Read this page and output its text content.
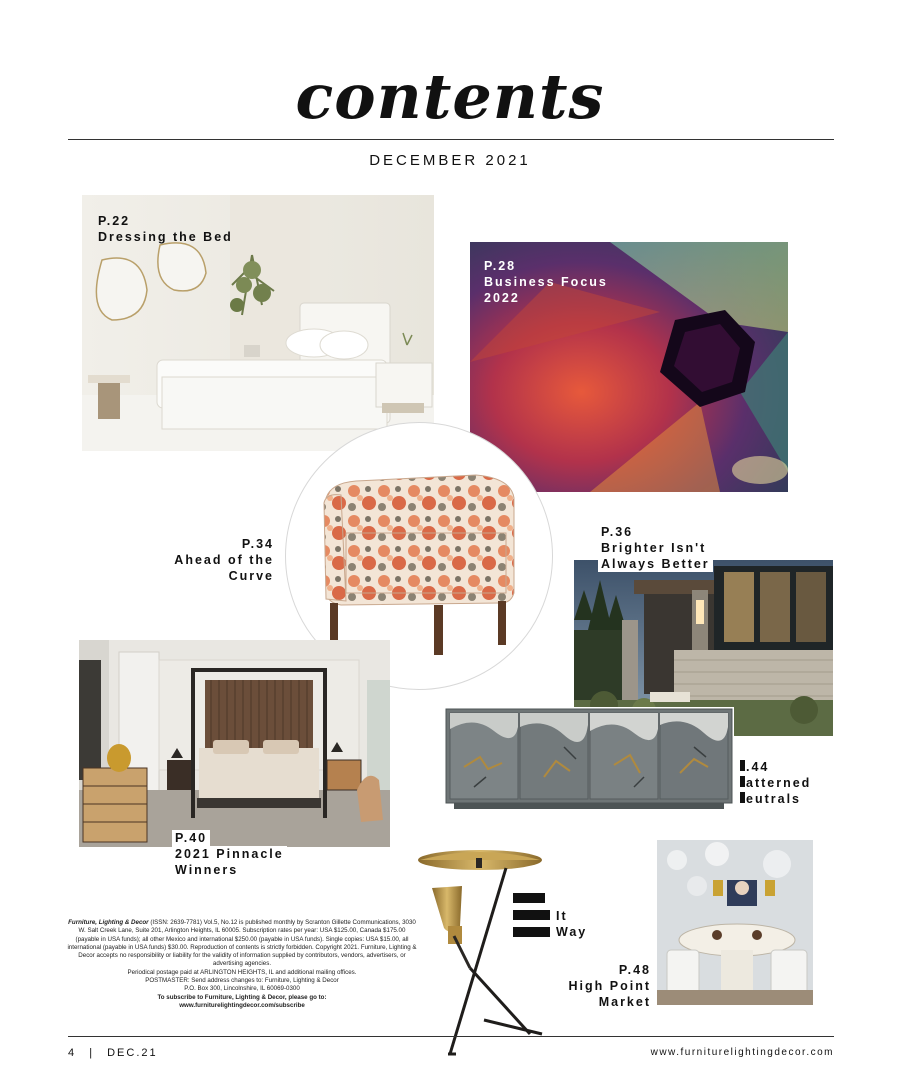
contents
DECEMBER 2021
P.22
Dressing the Bed
P.28
Business Focus
2022
P.34
Ahead of the
Curve
P.36
Brighter Isn't
Always Better
.44
atterned
eutrals
P.40
2021 Pinnacle
Winners
It
Way
P.48
High Point
Market
Furniture, Lighting & Decor (ISSN: 2639-7781) Vol.5, No.12 is published monthly by Scranton Gillette Communications, 3030 W. Salt Creek Lane, Suite 201, Arlington Heights, IL 60005. Subscription rates per year: USA $125.00, Canada $175.00 (payable in USA funds); all other Mexico and international $250.00 (payable in USA funds). Single copies: USA $15.00, all international (payable in USA funds) $30.00. Reproduction of contents is strictly forbidden. Copyright 2021. Furniture, Lighting & Decor accepts no responsibility or liability for the validity of information supplied by contributors, vendors, advertisers, or advertising agencies.
Periodical postage paid at ARLINGTON HEIGHTS, IL and additional mailing offices.
POSTMASTER: Send address changes to: Furniture, Lighting & Decor
P.O. Box 300, Lincolnshire, IL 60069-0300
To subscribe to Furniture, Lighting & Decor, please go to:
www.furniturelightingdecor.com/subscribe
4 | DEC.21	www.furniturelightingdecor.com
